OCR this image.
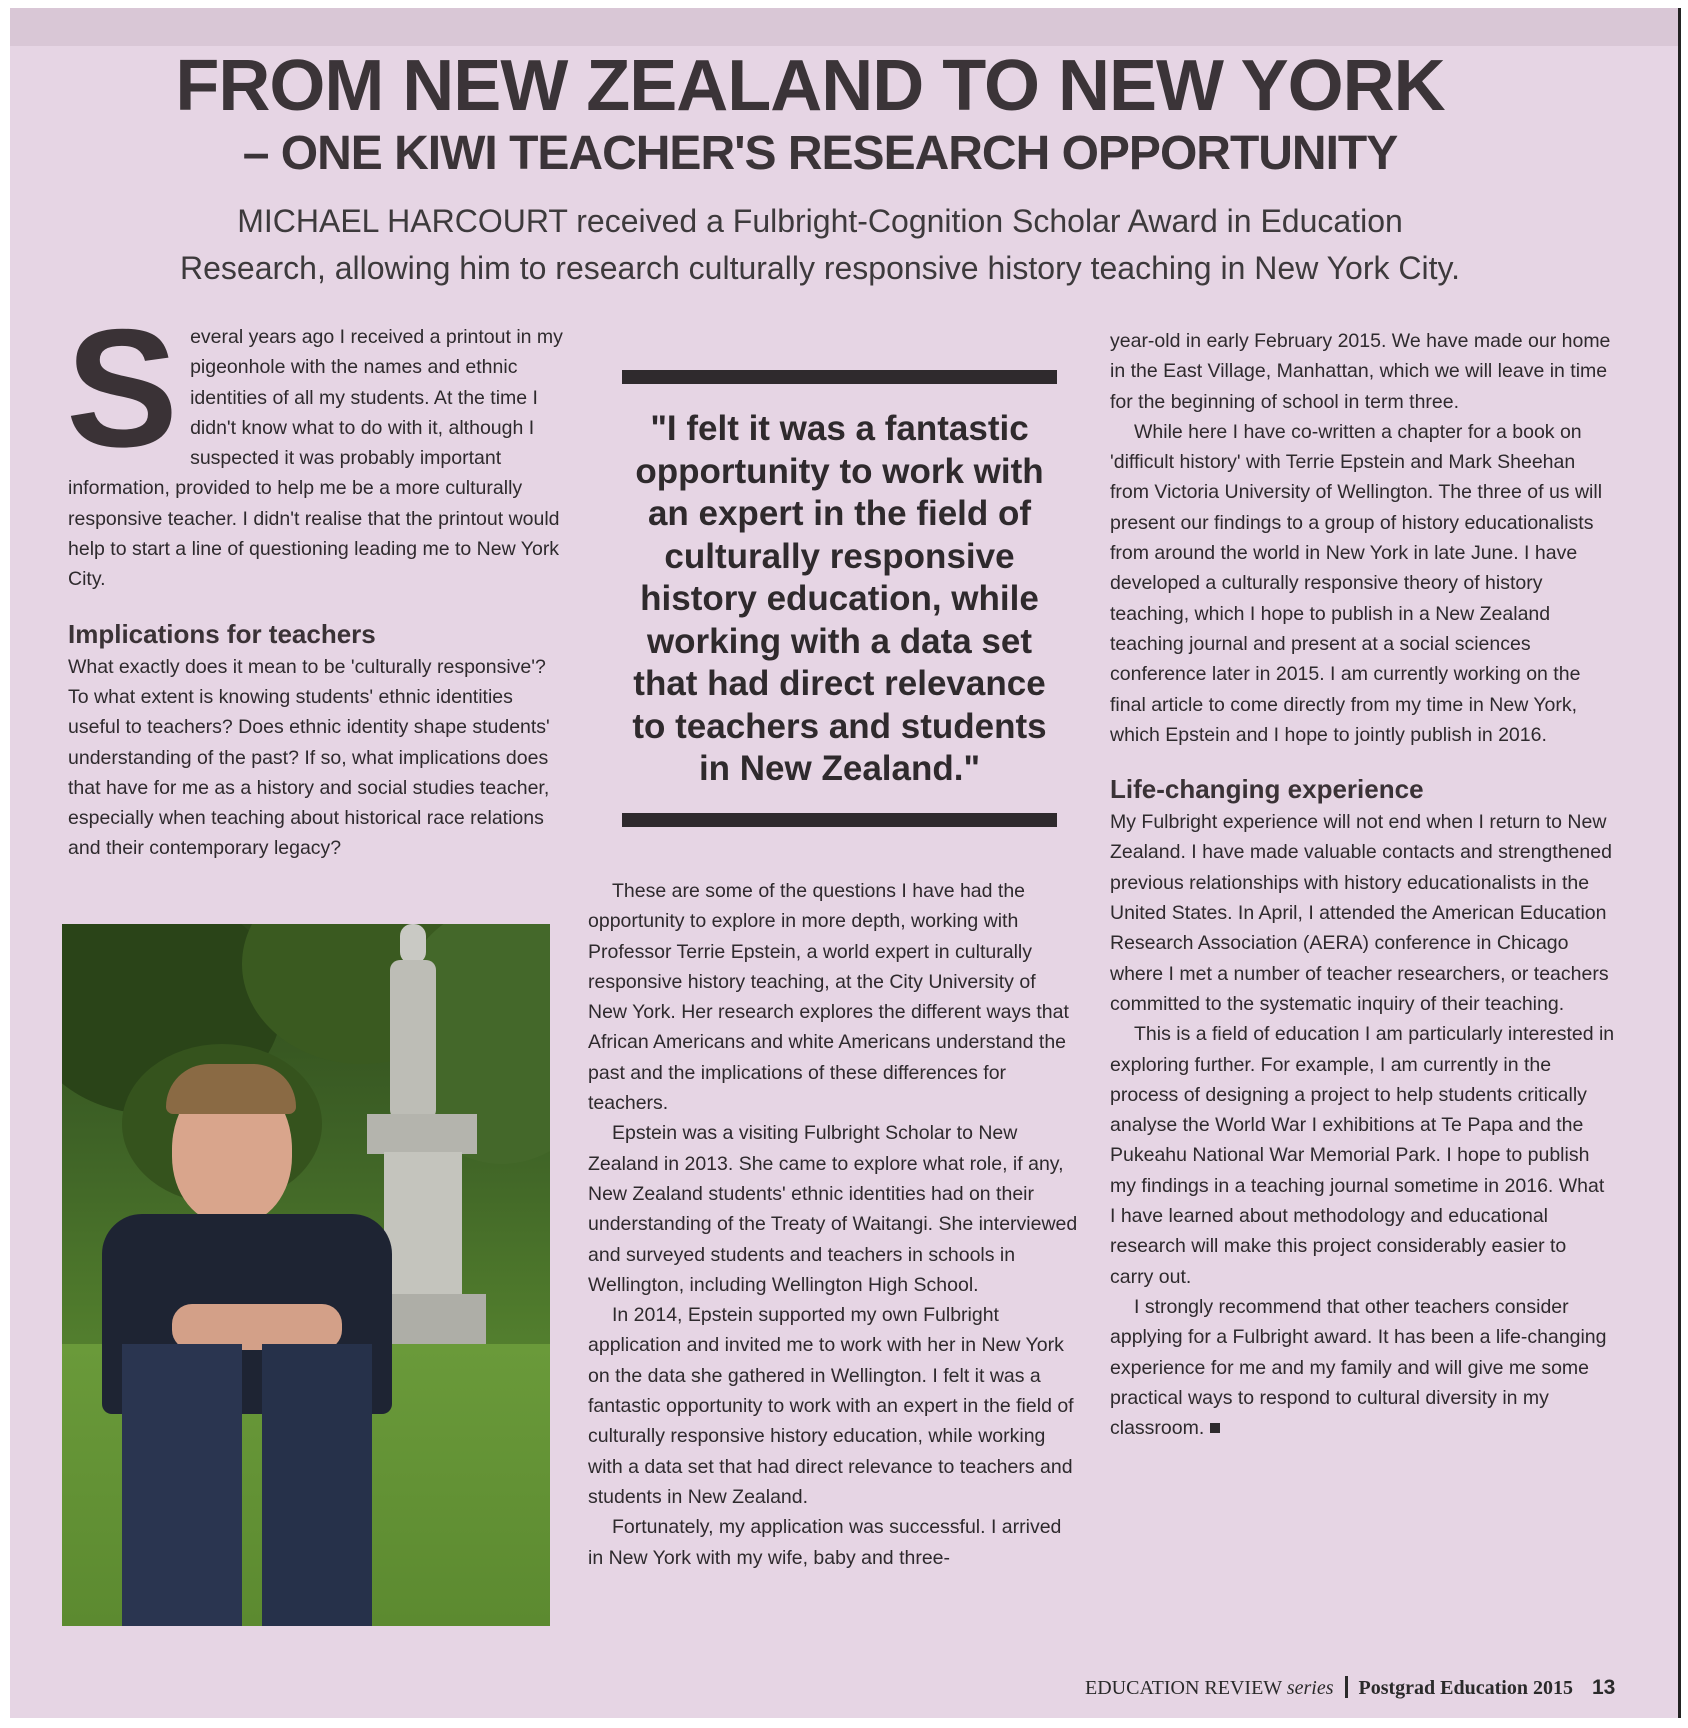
FROM NEW ZEALAND TO NEW YORK
– ONE KIWI TEACHER'S RESEARCH OPPORTUNITY
MICHAEL HARCOURT received a Fulbright-Cognition Scholar Award in Education
Research, allowing him to research culturally responsive history teaching in New York City.
S everal years ago I received a printout in my pigeonhole with the names and ethnic identities of all my students. At the time I didn't know what to do with it, although I suspected it was probably important information, provided to help me be a more culturally responsive teacher. I didn't realise that the printout would help to start a line of questioning leading me to New York City.

Implications for teachers

What exactly does it mean to be 'culturally responsive'? To what extent is knowing students' ethnic identities useful to teachers? Does ethnic identity shape students' understanding of the past? If so, what implications does that have for me as a history and social studies teacher, especially when teaching about historical race relations and their contemporary legacy?

"I felt it was a fantastic opportunity to work with an expert in the field of culturally responsive history education, while working with a data set that had direct relevance to teachers and students in New Zealand."

These are some of the questions I have had the opportunity to explore in more depth, working with Professor Terrie Epstein, a world expert in culturally responsive history teaching, at the City University of New York. Her research explores the different ways that African Americans and white Americans understand the past and the implications of these differences for teachers.

Epstein was a visiting Fulbright Scholar to New Zealand in 2013. She came to explore what role, if any, New Zealand students' ethnic identities had on their understanding of the Treaty of Waitangi. She interviewed and surveyed students and teachers in schools in Wellington, including Wellington High School.

In 2014, Epstein supported my own Fulbright application and invited me to work with her in New York on the data she gathered in Wellington. I felt it was a fantastic opportunity to work with an expert in the field of culturally responsive history education, while working with a data set that had direct relevance to teachers and students in New Zealand.

Fortunately, my application was successful. I arrived in New York with my wife, baby and three-

year-old in early February 2015. We have made our home in the East Village, Manhattan, which we will leave in time for the beginning of school in term three.

While here I have co-written a chapter for a book on 'difficult history' with Terrie Epstein and Mark Sheehan from Victoria University of Wellington. The three of us will present our findings to a group of history educationalists from around the world in New York in late June. I have developed a culturally responsive theory of history teaching, which I hope to publish in a New Zealand teaching journal and present at a social sciences conference later in 2015. I am currently working on the final article to come directly from my time in New York, which Epstein and I hope to jointly publish in 2016.

Life-changing experience

My Fulbright experience will not end when I return to New Zealand. I have made valuable contacts and strengthened previous relationships with history educationalists in the United States. In April, I attended the American Education Research Association (AERA) conference in Chicago where I met a number of teacher researchers, or teachers committed to the systematic inquiry of their teaching.

This is a field of education I am particularly interested in exploring further. For example, I am currently in the process of designing a project to help students critically analyse the World War I exhibitions at Te Papa and the Pukeahu National War Memorial Park. I hope to publish my findings in a teaching journal sometime in 2016. What I have learned about methodology and educational research will make this project considerably easier to carry out.

I strongly recommend that other teachers consider applying for a Fulbright award. It has been a life-changing experience for me and my family and will give me some practical ways to respond to cultural diversity in my classroom.

EDUCATION REVIEW series Postgrad Education 2015 13
